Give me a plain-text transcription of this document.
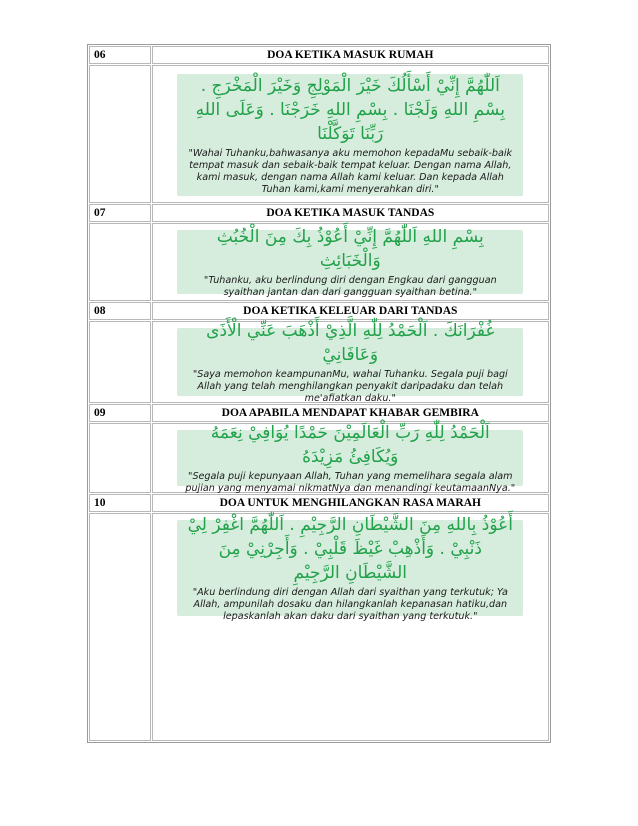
06	DOA KETIKA MASUK RUMAH

	اَللّٰهُمَّ إِنِّيْ أَسْأَلُكَ خَيْرَ الْمَوْلِجِ وَخَيْرَ الْمَخْرَجِ . بِسْمِ اللهِ وَلَجْنَا . بِسْمِ اللهِ خَرَجْنَا . وَعَلَى اللهِ رَبِّنَا تَوَكَّلْنَا
"Wahai Tuhanku,bahwasanya aku memohon kepadaMu sebaik-baik tempat masuk dan sebaik-baik tempat keluar. Dengan nama Allah, kami masuk, dengan nama Allah kami keluar. Dan kepada Allah Tuhan kami,kami menyerahkan diri."

07	DOA KETIKA MASUK TANDAS

	بِسْمِ اللهِ اَللّٰهُمَّ إِنِّيْ أَعُوْذُ بِكَ مِنَ الْخُبُثِ وَالْخَبَائِثِ
"Tuhanku, aku berlindung diri dengan Engkau dari gangguan syaithan jantan dan dari gangguan syaithan betina."

08	DOA KETIKA KELEUAR DARI TANDAS

	غُفْرَانَكَ . اَلْحَمْدُ لِلّٰهِ الَّذِيْ أَذْهَبَ عَنِّي الْأَذَى وَعَافَانِيْ
"Saya memohon keampunanMu, wahai Tuhanku. Segala puji bagi Allah yang telah menghilangkan penyakit daripadaku dan telah me'afiatkan daku."

09	DOA APABILA MENDAPAT KHABAR GEMBIRA

	اَلْحَمْدُ لِلّٰهِ رَبِّ الْعَالَمِيْنَ حَمْدًا يُوَافِيْ نِعَمَهُ وَيُكَافِئُ مَزِيْدَهُ
"Segala puji kepunyaan Allah, Tuhan yang memelihara segala alam pujian yang menyamai nikmatNya dan menandingi keutamaanNya."

10	DOA UNTUK MENGHILANGKAN RASA MARAH

	أَعُوْذُ بِاللهِ مِنَ الشَّيْطَانِ الرَّجِيْمِ . اَللّٰهُمَّ اغْفِرْ لِيْ ذَنْبِيْ . وَأَذْهِبْ غَيْظَ قَلْبِيْ . وَأَجِرْنِيْ مِنَ الشَّيْطَانِ الرَّجِيْمِ
"Aku berlindung diri dengan Allah dari syaithan yang terkutuk; Ya Allah, ampunilah dosaku dan hilangkanlah kepanasan hatiku,dan lepaskanlah akan daku dari syaithan yang terkutuk."
